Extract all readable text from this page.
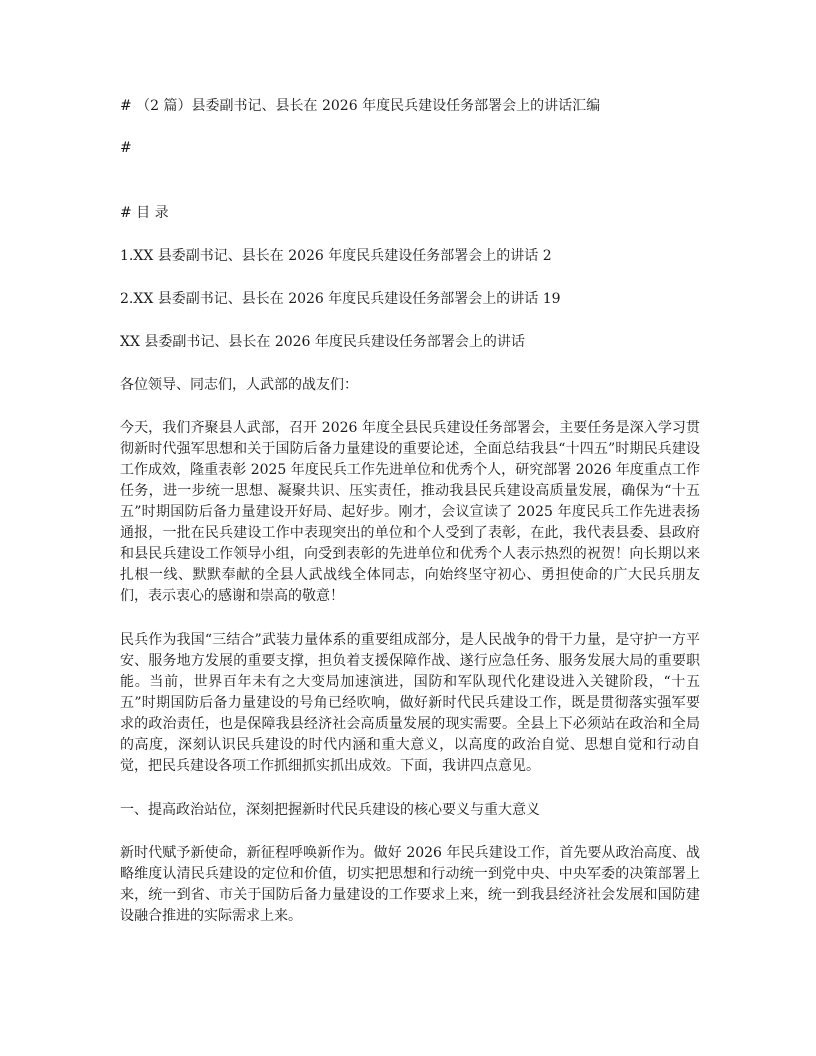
# （2 篇）县委副书记、县长在 2026 年度民兵建设任务部署会上的讲话汇编

#

# 目 录

1.XX 县委副书记、县长在 2026 年度民兵建设任务部署会上的讲话 2

2.XX 县委副书记、县长在 2026 年度民兵建设任务部署会上的讲话 19

XX 县委副书记、县长在 2026 年度民兵建设任务部署会上的讲话

各位领导、同志们，人武部的战友们：

今天，我们齐聚县人武部，召开 2026 年度全县民兵建设任务部署会，主要任务是深入学习贯彻新时代强军思想和关于国防后备力量建设的重要论述，全面总结我县“十四五”时期民兵建设工作成效，隆重表彰 2025 年度民兵工作先进单位和优秀个人，研究部署 2026 年度重点工作任务，进一步统一思想、凝聚共识、压实责任，推动我县民兵建设高质量发展，确保为“十五五”时期国防后备力量建设开好局、起好步。刚才，会议宣读了 2025 年度民兵工作先进表扬通报，一批在民兵建设工作中表现突出的单位和个人受到了表彰，在此，我代表县委、县政府和县民兵建设工作领导小组，向受到表彰的先进单位和优秀个人表示热烈的祝贺！向长期以来扎根一线、默默奉献的全县人武战线全体同志，向始终坚守初心、勇担使命的广大民兵朋友们，表示衷心的感谢和崇高的敬意！

民兵作为我国“三结合”武装力量体系的重要组成部分，是人民战争的骨干力量，是守护一方平安、服务地方发展的重要支撑，担负着支援保障作战、遂行应急任务、服务发展大局的重要职能。当前，世界百年未有之大变局加速演进，国防和军队现代化建设进入关键阶段，“十五五”时期国防后备力量建设的号角已经吹响，做好新时代民兵建设工作，既是贯彻落实强军要求的政治责任，也是保障我县经济社会高质量发展的现实需要。全县上下必须站在政治和全局的高度，深刻认识民兵建设的时代内涵和重大意义，以高度的政治自觉、思想自觉和行动自觉，把民兵建设各项工作抓细抓实抓出成效。下面，我讲四点意见。

一、提高政治站位，深刻把握新时代民兵建设的核心要义与重大意义

新时代赋予新使命，新征程呼唤新作为。做好 2026 年民兵建设工作，首先要从政治高度、战略维度认清民兵建设的定位和价值，切实把思想和行动统一到党中央、中央军委的决策部署上来，统一到省、市关于国防后备力量建设的工作要求上来，统一到我县经济社会发展和国防建设融合推进的实际需求上来。
